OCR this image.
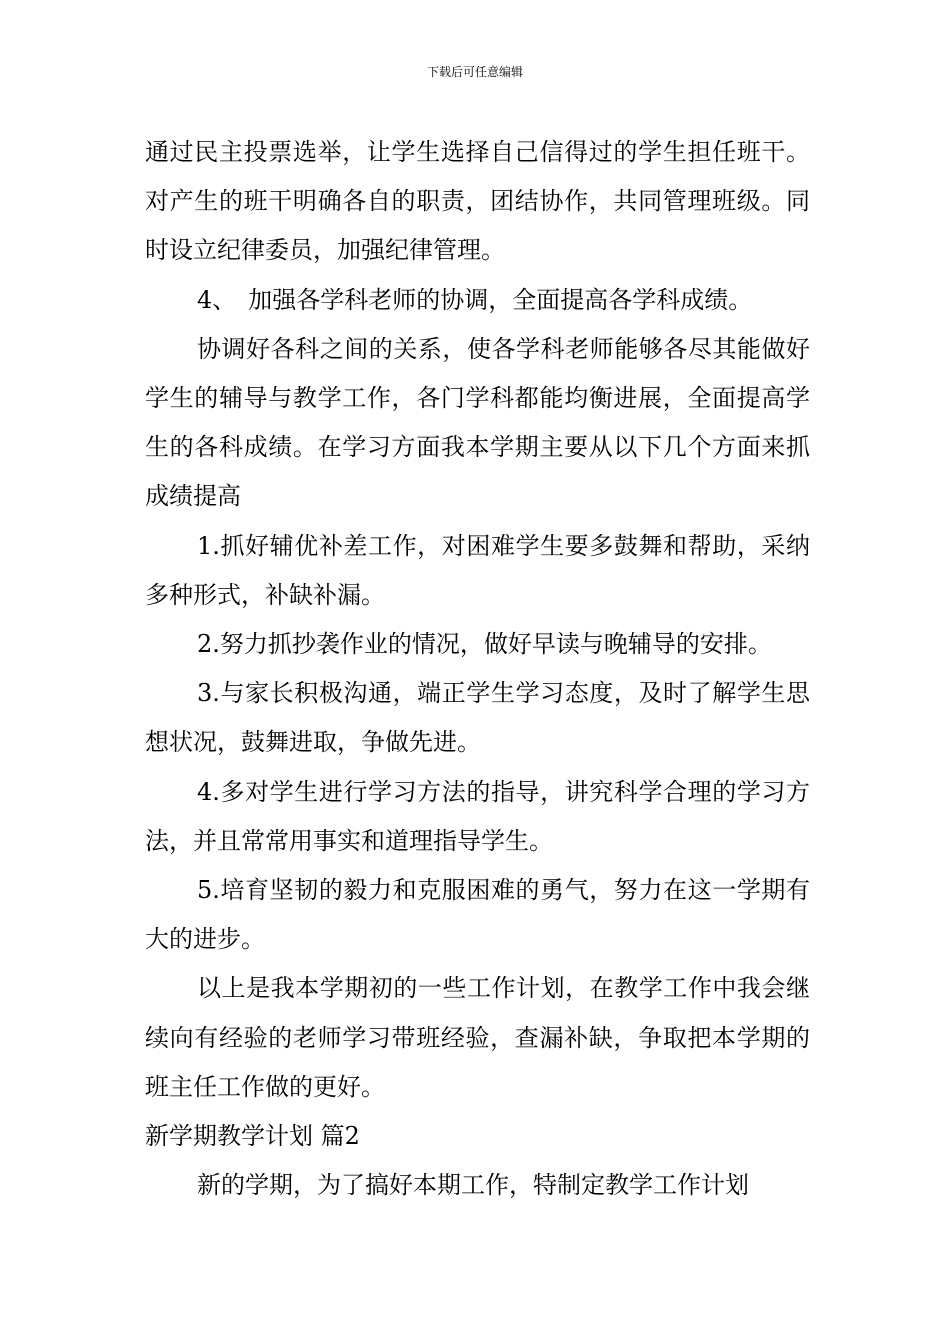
下载后可任意编辑

通过民主投票选举，让学生选择自己信得过的学生担任班干。对产生的班干明确各自的职责，团结协作，共同管理班级。同时设立纪律委员，加强纪律管理。

4、　加强各学科老师的协调，全面提高各学科成绩。

协调好各科之间的关系，使各学科老师能够各尽其能做好学生的辅导与教学工作，各门学科都能均衡进展，全面提高学生的各科成绩。在学习方面我本学期主要从以下几个方面来抓成绩提高

1.抓好辅优补差工作，对困难学生要多鼓舞和帮助，采纳多种形式，补缺补漏。

2.努力抓抄袭作业的情况，做好早读与晚辅导的安排。

3.与家长积极沟通，端正学生学习态度，及时了解学生思想状况，鼓舞进取，争做先进。

4.多对学生进行学习方法的指导，讲究科学合理的学习方法，并且常常用事实和道理指导学生。

5.培育坚韧的毅力和克服困难的勇气，努力在这一学期有大的进步。

以上是我本学期初的一些工作计划，在教学工作中我会继续向有经验的老师学习带班经验，查漏补缺，争取把本学期的班主任工作做的更好。

新学期教学计划 篇2

新的学期，为了搞好本期工作，特制定教学工作计划
